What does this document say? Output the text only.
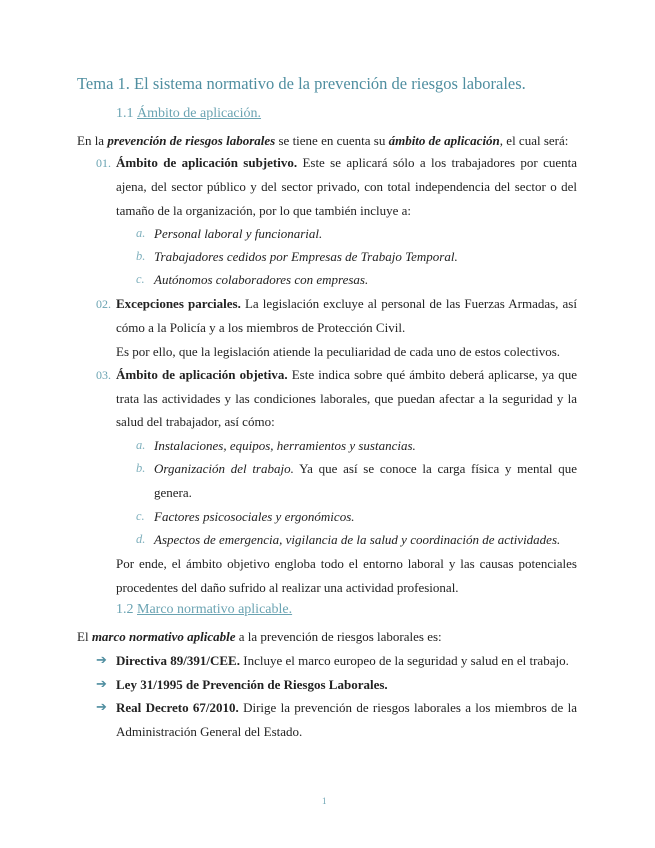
Tema 1. El sistema normativo de la prevención de riesgos laborales.
1.1 Ámbito de aplicación.
En la prevención de riesgos laborales se tiene en cuenta su ámbito de aplicación, el cual será:
01. Ámbito de aplicación subjetivo. Este se aplicará sólo a los trabajadores por cuenta
ajena, del sector público y del sector privado, con total independencia del sector o del
tamaño de la organización, por lo que también incluye a:
a. Personal laboral y funcionarial.
b. Trabajadores cedidos por Empresas de Trabajo Temporal.
c. Autónomos colaboradores con empresas.
02. Excepciones parciales. La legislación excluye al personal de las Fuerzas Armadas, así
cómo a la Policía y a los miembros de Protección Civil.
Es por ello, que la legislación atiende la peculiaridad de cada uno de estos colectivos.
03. Ámbito de aplicación objetiva. Este indica sobre qué ámbito deberá aplicarse, ya que
trata las actividades y las condiciones laborales, que puedan afectar a la seguridad y la
salud del trabajador, así cómo:
a. Instalaciones, equipos, herramientos y sustancias.
b. Organización del trabajo. Ya que así se conoce la carga física y mental que
genera.
c. Factores psicosociales y ergonómicos.
d. Aspectos de emergencia, vigilancia de la salud y coordinación de actividades.
Por ende, el ámbito objetivo engloba todo el entorno laboral y las causas potenciales
procedentes del daño sufrido al realizar una actividad profesional.
1.2 Marco normativo aplicable.
El marco normativo aplicable a la prevención de riesgos laborales es:
➔ Directiva 89/391/CEE. Incluye el marco europeo de la seguridad y salud en el trabajo.
➔ Ley 31/1995 de Prevención de Riesgos Laborales.
➔ Real Decreto 67/2010. Dirige la prevención de riesgos laborales a los miembros de la
Administración General del Estado.
1
